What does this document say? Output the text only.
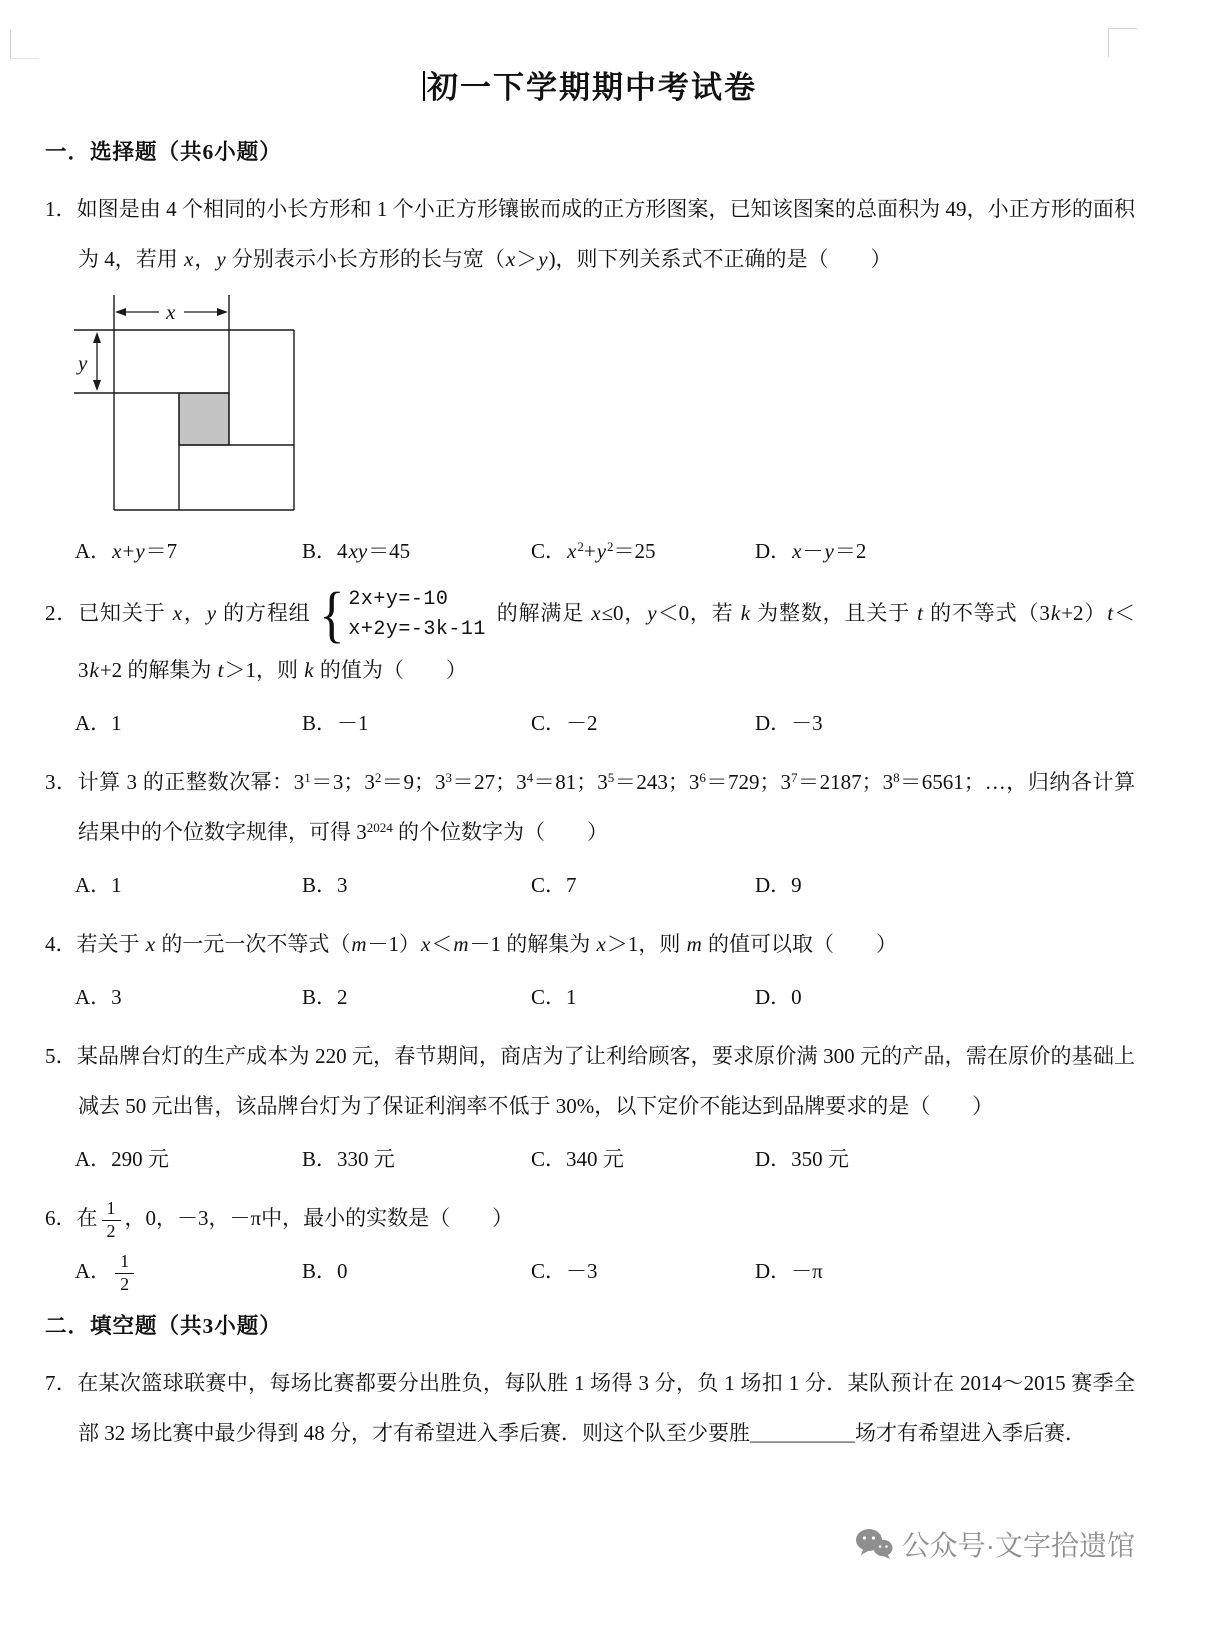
初一下学期期中考试卷
一．选择题（共6小题）

1．如图是由 4 个相同的小长方形和 1 个小正方形镶嵌而成的正方形图案，已知该图案的总面积为 49，小正方形的面积为 4，若用 x，y 分别表示小长方形的长与宽（x＞y)，则下列关系式不正确的是（　　）

x
y
A．x+y＝7	B．4xy＝45	C．$x^2+y^2=25$	D．x－y＝2

2．已知关于 x，y 的方程组 { 2x+y=-10
x+2y=-3k-11
的解满足 x≤0，y＜0，若 k 为整数，且关于 t 的不等式（3k+2）t＜3k+2 的解集为 t＞1，则 k 的值为（　　）

A．1	B．－1	C．－2	D．－3

3．计算 3 的正整数次幂：$3^1=3$；$3^2=9$；$3^3=27$；$3^4=81$；$3^5=243$；$3^6=729$；$3^7=2187$；$3^8=6561$；…，归纳各计算结果中的个位数字规律，可得 $3^{2024}$ 的个位数字为（　　）

A．1	B．3	C．7	D．9

4．若关于 x 的一元一次不等式（m－1）x＜m－1 的解集为 x＞1，则 m 的值可以取（　　）

A．3	B．2	C．1	D．0

5．某品牌台灯的生产成本为 220 元，春节期间，商店为了让利给顾客，要求原价满 300 元的产品，需在原价的基础上减去 50 元出售，该品牌台灯为了保证利润率不低于 30%，以下定价不能达到品牌要求的是（　　）

A．290 元	B．330 元	C．340 元	D．350 元

6．在 $\frac{1}{2}$ ，0，－3，－π中，最小的实数是（　　）

A． $\frac{1}{2}$	B．0	C．－3	D．－π
二．填空题（共3小题）

7．在某次篮球联赛中，每场比赛都要分出胜负，每队胜 1 场得 3 分，负 1 场扣 1 分．某队预计在 2014～2015 赛季全部 32 场比赛中最少得到 48 分，才有希望进入季后赛．则这个队至少要胜＿＿＿＿＿场才有希望进入季后赛．

公众号·文字拾遗馆
